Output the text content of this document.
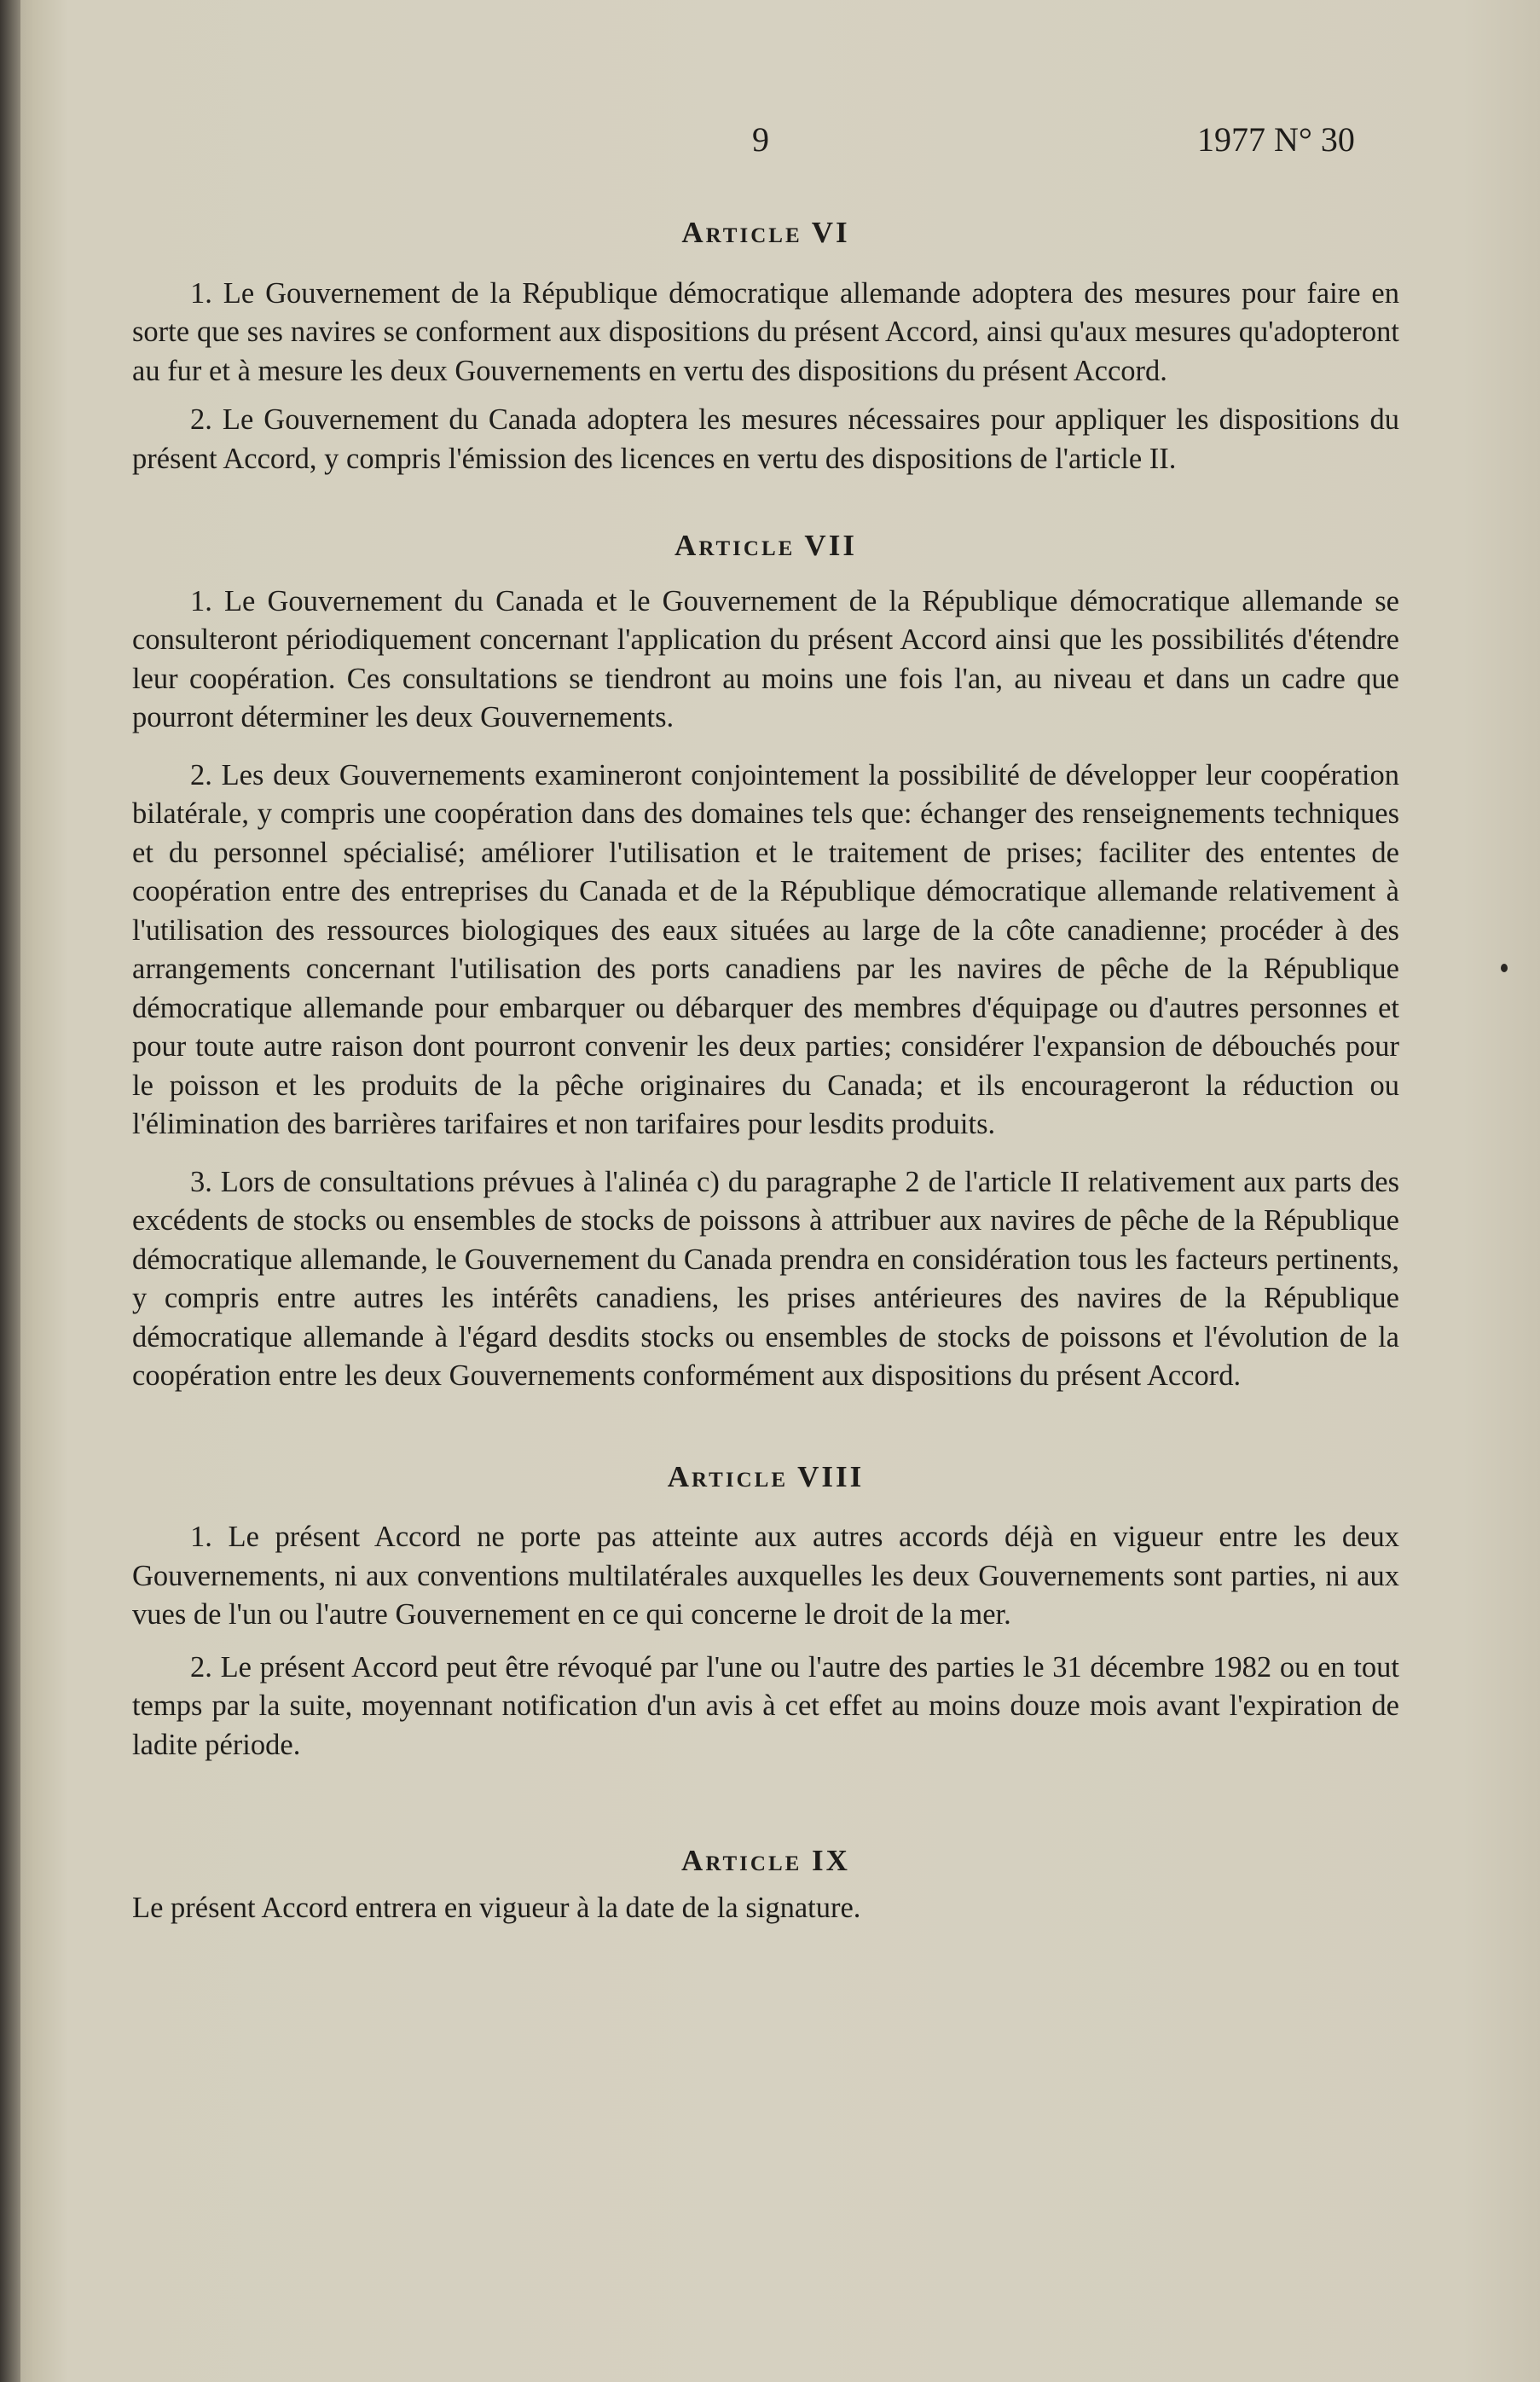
9	1977 N° 30
Article VI

1. Le Gouvernement de la République démocratique allemande adoptera des mesures pour faire en sorte que ses navires se conforment aux dispositions du présent Accord, ainsi qu'aux mesures qu'adopteront au fur et à mesure les deux Gouvernements en vertu des dispositions du présent Accord.

2. Le Gouvernement du Canada adoptera les mesures nécessaires pour appliquer les dispositions du présent Accord, y compris l'émission des licences en vertu des dispositions de l'article II.

Article VII

1. Le Gouvernement du Canada et le Gouvernement de la République démocratique allemande se consulteront périodiquement concernant l'application du présent Accord ainsi que les possibilités d'étendre leur coopération. Ces consultations se tiendront au moins une fois l'an, au niveau et dans un cadre que pourront déterminer les deux Gouvernements.

2. Les deux Gouvernements examineront conjointement la possibilité de développer leur coopération bilatérale, y compris une coopération dans des domaines tels que: échanger des renseignements techniques et du personnel spécialisé; améliorer l'utilisation et le traitement de prises; faciliter des ententes de coopération entre des entreprises du Canada et de la République démocratique allemande relativement à l'utilisation des ressources biologiques des eaux situées au large de la côte canadienne; procéder à des arrangements concernant l'utilisation des ports canadiens par les navires de pêche de la République démocratique allemande pour embarquer ou débarquer des membres d'équipage ou d'autres personnes et pour toute autre raison dont pourront convenir les deux parties; considérer l'expansion de débouchés pour le poisson et les produits de la pêche originaires du Canada; et ils encourageront la réduction ou l'élimination des barrières tarifaires et non tarifaires pour lesdits produits.

3. Lors de consultations prévues à l'alinéa c) du paragraphe 2 de l'article II relativement aux parts des excédents de stocks ou ensembles de stocks de poissons à attribuer aux navires de pêche de la République démocratique allemande, le Gouvernement du Canada prendra en considération tous les facteurs pertinents, y compris entre autres les intérêts canadiens, les prises antérieures des navires de la République démocratique allemande à l'égard desdits stocks ou ensembles de stocks de poissons et l'évolution de la coopération entre les deux Gouvernements conformément aux dispositions du présent Accord.

Article VIII

1. Le présent Accord ne porte pas atteinte aux autres accords déjà en vigueur entre les deux Gouvernements, ni aux conventions multilatérales auxquelles les deux Gouvernements sont parties, ni aux vues de l'un ou l'autre Gouvernement en ce qui concerne le droit de la mer.

2. Le présent Accord peut être révoqué par l'une ou l'autre des parties le 31 décembre 1982 ou en tout temps par la suite, moyennant notification d'un avis à cet effet au moins douze mois avant l'expiration de ladite période.

Article IX

Le présent Accord entrera en vigueur à la date de la signature.
